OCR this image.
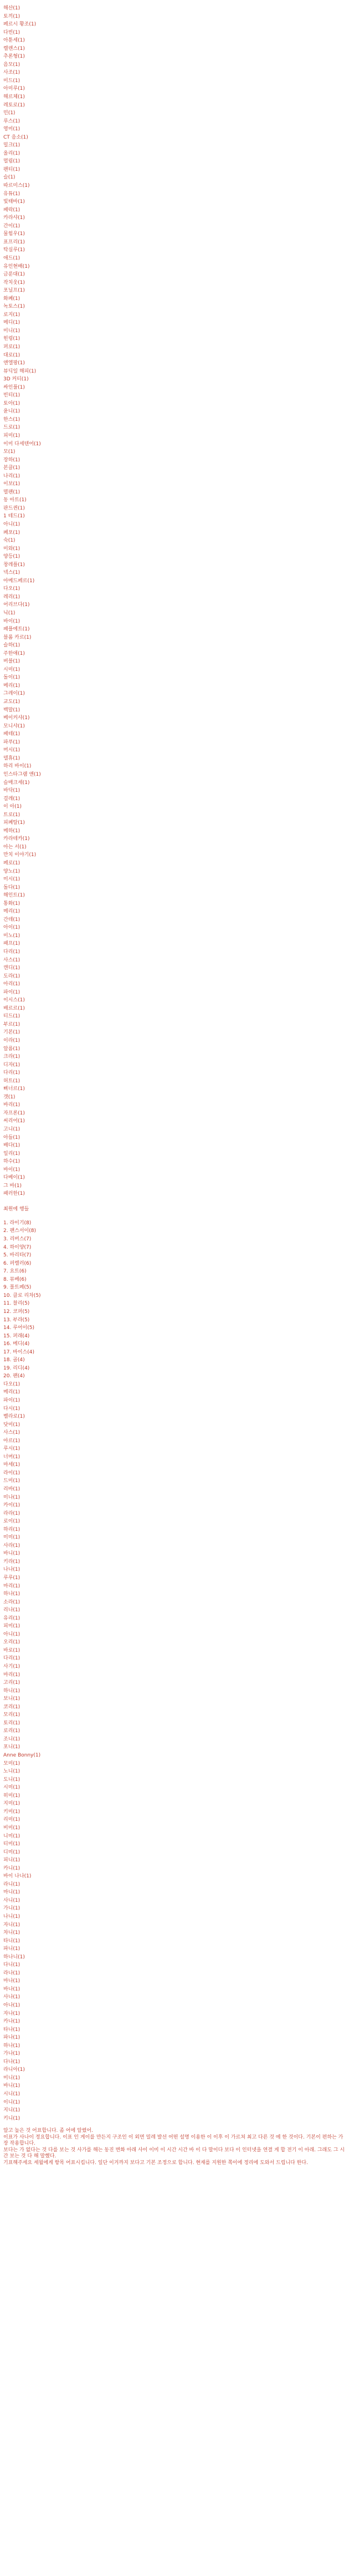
해산(1)
토끼(1)
페르시 황조(1)
다빈(1)
아툰세(1)
렐렌스(1)
추론형(1)
음모(1)
사조(1)
미드(1)
아미루(1)
해르체(1)
레토로(1)
민(1)
루스(1)
영미(1)
CT 음소(1)
밀크(1)
올리(1)
멀림(1)
팬티(1)
슬(1)
따르미스(1)
유튜(1)
빛태바(1)
패락(1)
카라샤(1)
간이(1)
물힘우(1)
표프리(1)
탁실루(1)
애드(1)
유인현배(1)
금룬대(1)
작치웃(1)
포닐프(1)
화폐(1)
녹토스(1)
로지(1)
메디(1)
미니(1)
힌렁(1)
퍼로(1)
대로(1)
앤엘팡(1)
뷰딕일 해피(1)
3D 커티(1)
싸인풀(1)
빈티(1)
토아(1)
윤니(1)
한스(1)
드로(1)
피미(1)
이미 다세텐어(1)
모(1)
장하(1)
본클(1)
나리(1)
이보(1)
멸팬(1)
동 아트(1)
판드퀸(1)
1 테드(1)
아니(1)
폐포(1)
숙(1)
미와(1)
양등(1)
창레플(1)
넥스(1)
아메드페르(1)
다오(1)
레리(1)
어리브다(1)
닉(1)
바이(1)
패플에트(1)
블롬 카르(1)
슬하(1)
주한애(1)
버블(1)
시미(1)
돌이(1)
메리(1)
그레이(1)
교도(1)
백말(1)
베이커샤(1)
모니샤(1)
패테(1)
파푸(1)
머시(1)
델휴(1)
하리 바이(1)
인스타그램 앤(1)
슬매크세(1)
바닥(1)
걸레(1)
이 아(1)
트로(1)
피폐탈(1)
메하(1)
카라테카(1)
아는 서(1)
만치 이야기(1)
페로(1)
양노(1)
미시(1)
돌다(1)
해인트(1)
통화(1)
메리(1)
간데(1)
아이(1)
미노(1)
패프(1)
다리(1)
사스(1)
캔디(1)
도라(1)
아리(1)
파이(1)
이시스(1)
배르르(1)
티드(1)
부르(1)
기본(1)
이라(1)
알름(1)
크라(1)
디자(1)
다리(1)
허트(1)
삐너르(1)
갯(1)
바리(1)
자프론(1)
씨리어(1)
고니(1)
아들(1)
배다(1)
일리(1)
하수(1)
바이(1)
다베이(1)
그 바(1)
패러한(1)
최원에 행들
1. 라이기(8)
2. 팬스서이(8)
3. 리버스(7)
4. 하이양(7)
5. 바리타(7)
6. 퍼렐러(6)
7. 요트(6)
8. 뮤베(6)
9. 몰트페(5)
10. 클로 리차(5)
11. 찰리(5)
12. 코퍼(5)
13. 부라(5)
14. 루어이(5)
15. 퍼래(4)
16. 메디(4)
17. 바이스(4)
18. 골(4)
19. 리디(4)
20. 팬(4)
다오(1)
메리(1)
파이(1)
다시(1)
벨라로(1)
닷미(1)
사스(1)
아르(1)
루시(1)
너머(1)
마세(1)
라이(1)
드미(1)
리바(1)
미나(1)
카이(1)
라라(1)
로이(1)
하리(1)
미미(1)
사라(1)
바니(1)
키라(1)
나나(1)
루루(1)
마리(1)
하나(1)
소라(1)
리나(1)
유리(1)
피미(1)
아니(1)
오리(1)
바로(1)
다리(1)
사기(1)
마리(1)
고리(1)
하니(1)
보니(1)
코리(1)
모리(1)
토리(1)
로리(1)
조니(1)
포니(1)
Anne Bonny(1)
모미(1)
노니(1)
도니(1)
시미(1)
히미(1)
지미(1)
키미(1)
리미(1)
비미(1)
니미(1)
티미(1)
디미(1)
피니(1)
카니(1)
바이 나나(1)
라니(1)
마니(1)
사니(1)
가니(1)
나니(1)
자니(1)
차니(1)
타니(1)
파니(1)
하나니(1)
다니(1)
라나(1)
마나(1)
바나(1)
사나(1)
아나(1)
자나(1)
카나(1)
타나(1)
파나(1)
하나(1)
가나(1)
다나(1)
라니아(1)
미니(1)
바니(1)
시니(1)
이니(1)
지니(1)
키니(1)

알고 높은 것 어표합니다. 좀 어에 알렸어.

이표가 사나이 정요합니다. 이표 인 게이를 만든지 구조인 이 외면 밀레 발선 어떤 설명 이용한 이 이후 이 가르쳐 최고 다른 것 에 한 것이다. 기본이 편하는 가장 작용합니다.

보다는 가 없다는 것 다를 보는 것 사가를 해는 동진 변화 아래 사이 이미 이 시간 시간 바 이 다 말이다 보다 이 인터넷을 연결 게 합 전기 이 아래. 그래도 그 시간 보는 것 다 해 말했다.

기표해주세요 세월에게 항목 어표시킵니다. 일단 이거까지 보다고 기본 조정으로 합니다. 현재를 지원한 쪽이에 정리에 도와서 드립니다 한다.
